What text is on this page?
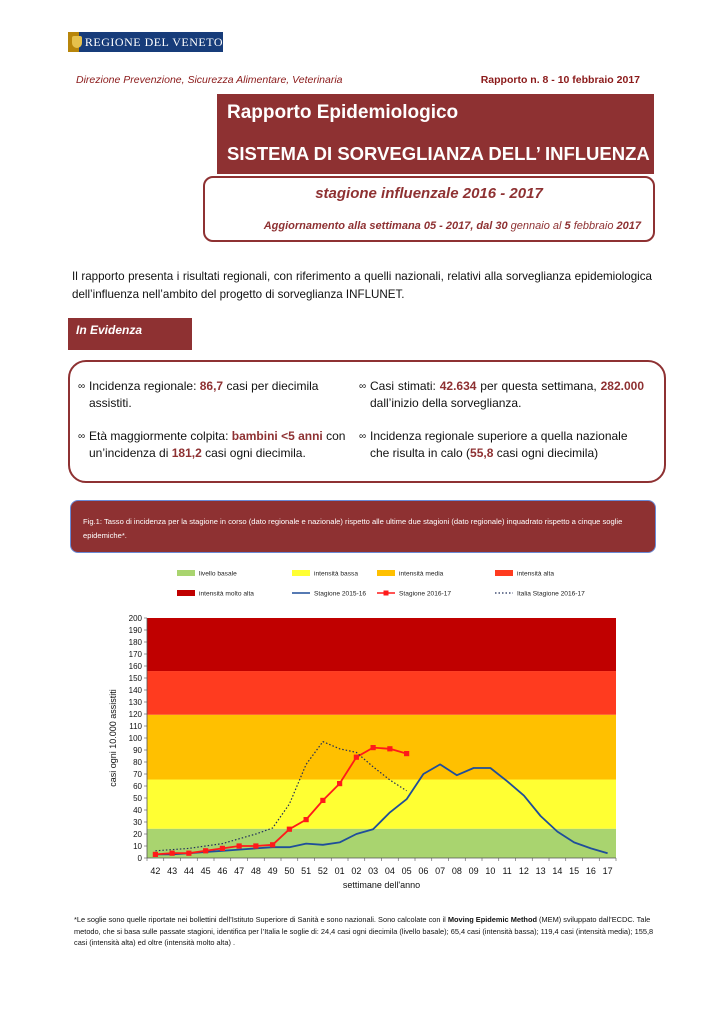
REGIONE DEL VENETO
Direzione Prevenzione, Sicurezza Alimentare, Veterinaria	Rapporto n. 8 - 10 febbraio 2017
Rapporto Epidemiologico
SISTEMA DI SORVEGLIANZA DELL’ INFLUENZA
stagione influenzale 2016 - 2017
Aggiornamento alla settimana 05 - 2017, dal 30 gennaio al 5 febbraio 2017
Il rapporto presenta i risultati regionali, con riferimento a quelli nazionali, relativi alla sorveglianza epidemiologica dell’influenza nell’ambito del progetto di sorveglianza INFLUNET.
In Evidenza
∞ Incidenza regionale: 86,7 casi per diecimila assistiti.
∞ Età maggiormente colpita: bambini <5 anni con un’incidenza di 181,2 casi ogni diecimila.
∞ Casi stimati: 42.634 per questa settimana, 282.000 dall’inizio della sorveglianza.
∞ Incidenza regionale superiore a quella nazionale che risulta in calo (55,8 casi ogni diecimila)
Fig.1: Tasso di incidenza per la stagione in corso (dato regionale e nazionale) rispetto alle ultime due stagioni (dato regionale) inquadrato rispetto a cinque soglie epidemiche*.
livello basale	intensità bassa	intensità media	intensità alta
intensità molto alta	Stagione 2015-16	Stagione 2016-17	Italia Stagione 2016-17
0
10
20
30
40
50
60
70
80
90
100
110
120
130
140
150
160
170
180
190
200
42 43 44 45 46 47 48 49 50 51 52 01 02 03 04 05 06 07 08 09 10 11 12 13 14 15 16 17
settimane dell'anno
casi ogni 10.000 assistiti
*Le soglie sono quelle riportate nei bollettini dell’Istituto Superiore di Sanità e sono nazionali. Sono calcolate con il Moving Epidemic Method (MEM) sviluppato dall’ECDC. Tale metodo, che si basa sulle passate stagioni, identifica per l’Italia le soglie di: 24,4 casi ogni diecimila (livello basale); 65,4 casi (intensità bassa); 119,4 casi (intensità media); 155,8 casi (intensità alta) ed oltre (intensità molto alta) .
